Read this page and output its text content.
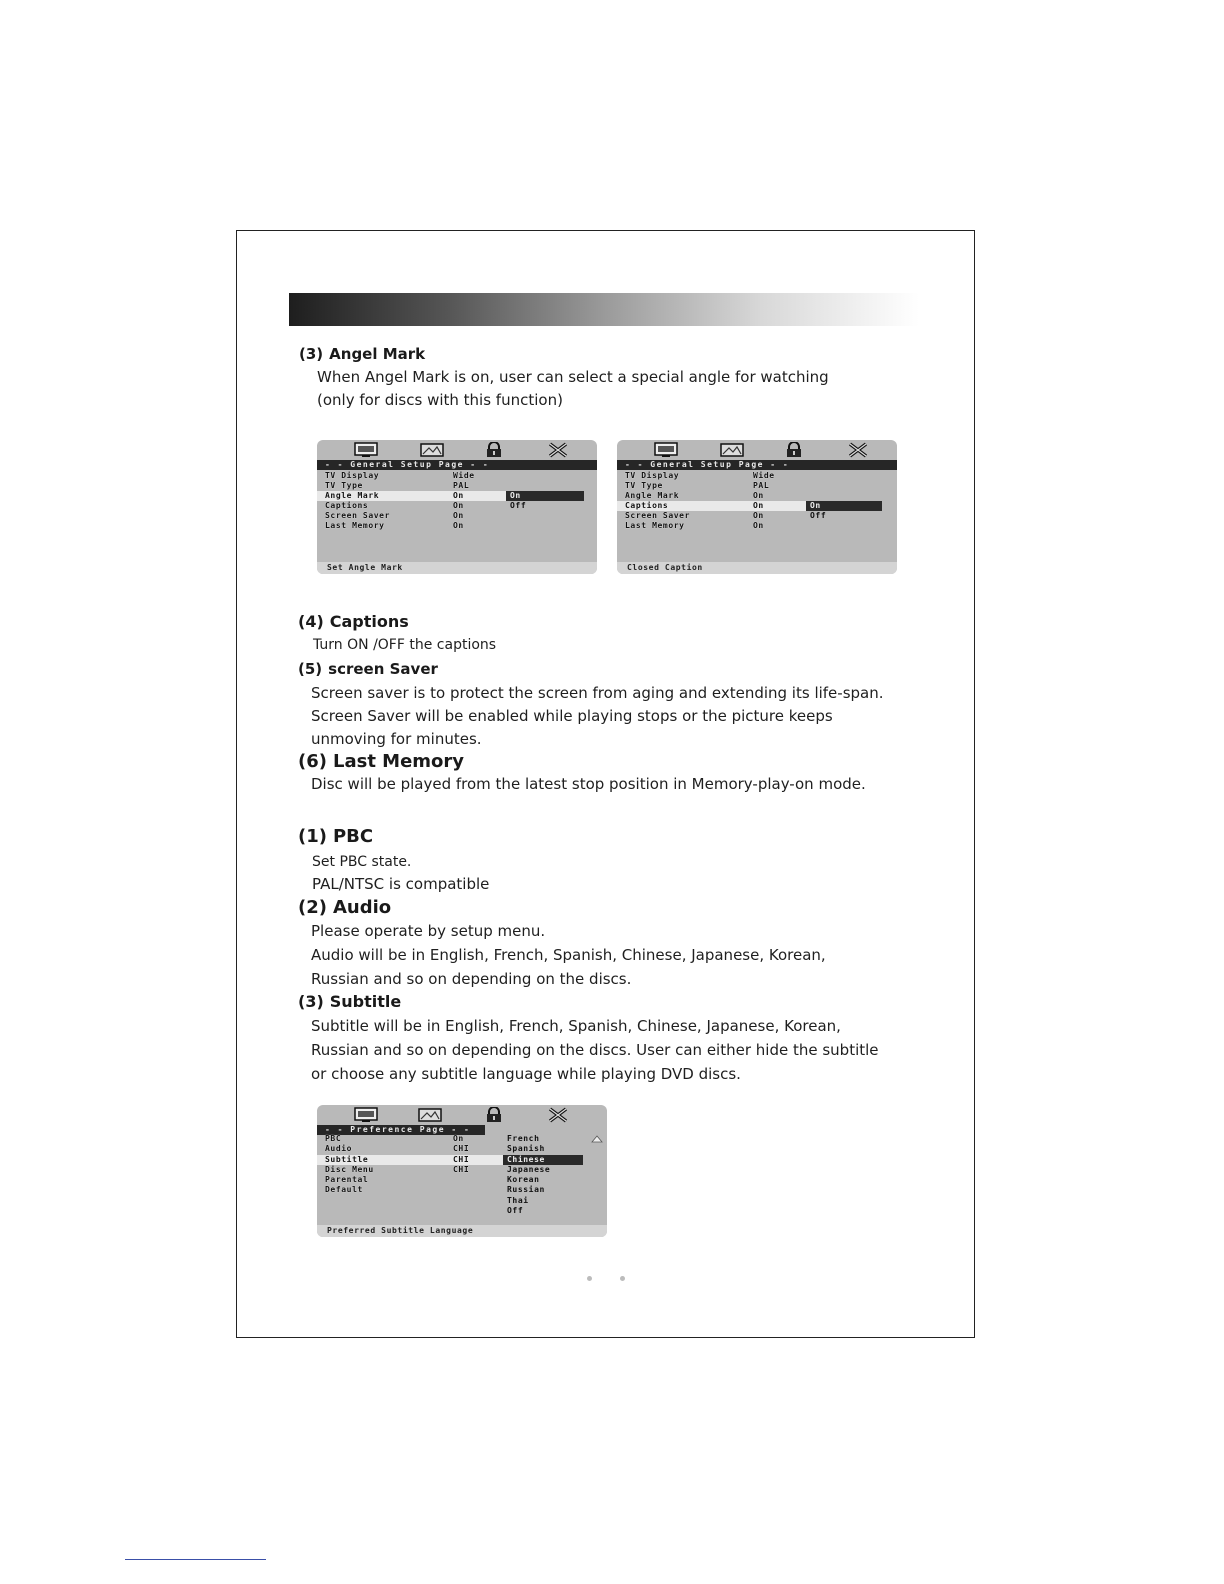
(3) Angel Mark

When Angel Mark is on, user can select a special angle for watching

(only for discs with this function)

- - General Setup Page - -
TV Display	Wide
TV Type	PAL
Angle Mark	On
Captions	On
Screen Saver	On
Last Memory	On
On
Off
Set Angle Mark
- - General Setup Page - -
TV Display	Wide
TV Type	PAL
Angle Mark	On
Captions	On
Screen Saver	On
Last Memory	On
On
Off
Closed Caption

(4) Captions

Turn ON /OFF the captions

(5) screen Saver

Screen saver is to protect the screen from aging and extending its life-span.

Screen Saver will be enabled while playing stops or the picture keeps

unmoving for minutes.

(6) Last Memory

Disc will be played from the latest stop position in Memory-play-on mode.

(1) PBC

Set PBC state.

PAL/NTSC is compatible

(2) Audio

Please operate by setup menu.

Audio will be in English, French, Spanish, Chinese, Japanese, Korean,

Russian and so on depending on the discs.

(3) Subtitle

Subtitle will be in English, French, Spanish, Chinese, Japanese, Korean,

Russian and so on depending on the discs. User can either hide the subtitle

or choose any subtitle language while playing DVD discs.

- - Preference Page - -
PBC	On
Audio	CHI
Subtitle	CHI
Disc Menu	CHI
Parental
Default
French
Spanish
Chinese
Japanese
Korean
Russian
Thai
Off
Preferred Subtitle Language
